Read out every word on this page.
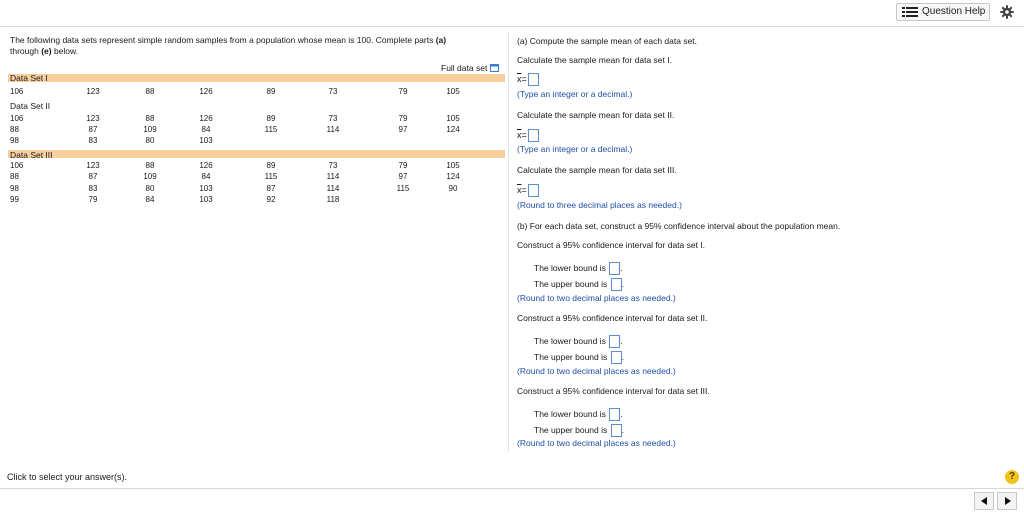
Question Help
The following data sets represent simple random samples from a population whose mean is 100. Complete parts (a)
through (e) below.
Full data set
Data Set I
Data Set II
Data Set III
106	123	88	126	89	73	79	105
106	123	88	126	89	73	79	105
88	87	109	84	115	114	97	124
98	83	80	103
106	123	88	126	89	73	79	105
88	87	109	84	115	114	97	124
98	83	80	103	87	114	115	90
99	79	84	103	92	118
(a) Compute the sample mean of each data set.
Calculate the sample mean for data set I.
$\overline{x}=$
(Type an integer or a decimal.)
Calculate the sample mean for data set II.
$\overline{x}=$
(Type an integer or a decimal.)
Calculate the sample mean for data set III.
$\overline{x}=$
(Round to three decimal places as needed.)
(b) For each data set, construct a 95% confidence interval about the population mean.
Construct a 95% confidence interval for data set I.
The lower bound is .
The upper bound is .
(Round to two decimal places as needed.)
Construct a 95% confidence interval for data set II.
The lower bound is .
The upper bound is .
(Round to two decimal places as needed.)
Construct a 95% confidence interval for data set III.
The lower bound is .
The upper bound is .
(Round to two decimal places as needed.)
Click to select your answer(s).	?
